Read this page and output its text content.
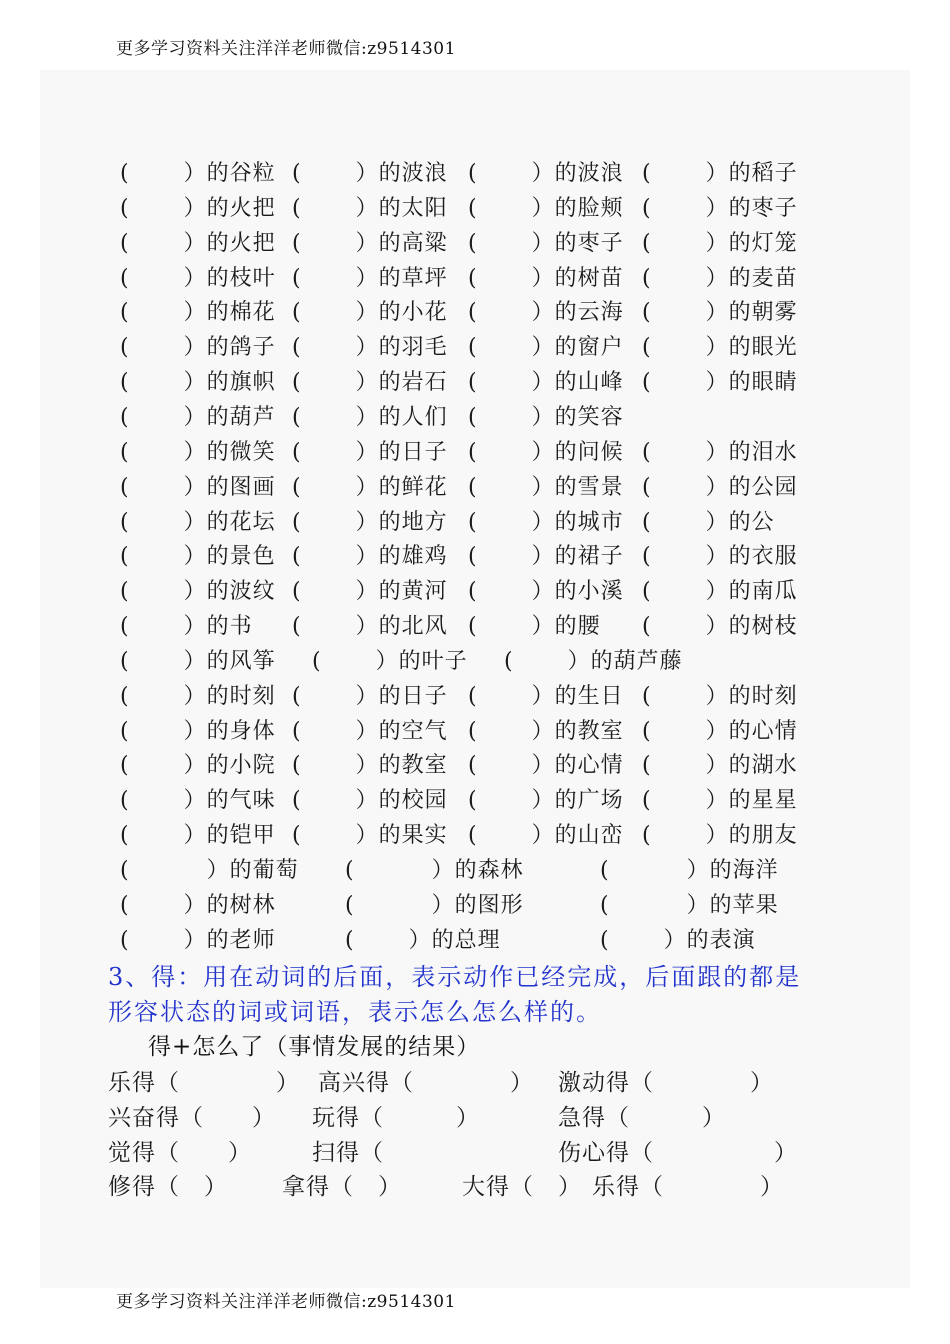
更多学习资料关注洋洋老师微信:z9514301
(　　 ）的谷粒 (　　 ）的波浪 (　　 ）的波浪 (　　 ）的稻子
(　　 ）的火把 (　　 ）的太阳 (　　 ）的脸颊 (　　 ）的枣子
(　　 ）的火把 (　　 ）的高粱 (　　 ）的枣子 (　　 ）的灯笼
(　　 ）的枝叶 (　　 ）的草坪 (　　 ）的树苗 (　　 ）的麦苗
(　　 ）的棉花 (　　 ）的小花 (　　 ）的云海 (　　 ）的朝雾
(　　 ）的鸽子 (　　 ）的羽毛 (　　 ）的窗户 (　　 ）的眼光
(　　 ）的旗帜 (　　 ）的岩石 (　　 ）的山峰 (　　 ）的眼睛
(　　 ）的葫芦 (　　 ）的人们 (　　 ）的笑容
(　　 ）的微笑 (　　 ）的日子 (　　 ）的问候 (　　 ）的泪水
(　　 ）的图画 (　　 ）的鲜花 (　　 ）的雪景 (　　 ）的公园
(　　 ）的花坛 (　　 ）的地方 (　　 ）的城市 (　　 ）的公
(　　 ）的景色 (　　 ）的雄鸡 (　　 ）的裙子 (　　 ）的衣服
(　　 ）的波纹 (　　 ）的黄河 (　　 ）的小溪 (　　 ）的南瓜
(　　 ）的书 (　　 ）的北风 (　　 ）的腰 (　　 ）的树枝
(　　 ）的风筝 (　　 ）的叶子 (　　 ）的葫芦藤
(　　 ）的时刻 (　　 ）的日子 (　　 ）的生日 (　　 ）的时刻
(　　 ）的身体 (　　 ）的空气 (　　 ）的教室 (　　 ）的心情
(　　 ）的小院 (　　 ）的教室 (　　 ）的心情 (　　 ）的湖水
(　　 ）的气味 (　　 ）的校园 (　　 ）的广场 (　　 ）的星星
(　　 ）的铠甲 (　　 ）的果实 (　　 ）的山峦 (　　 ）的朋友
(　　　 ）的葡萄 (　　　 ）的森林	(　　　 ）的海洋
(　　 ）的树林	(　　　 ）的图形	(　　　 ）的苹果
(　　 ）的老师	(　　 ）的总理	(　　 ）的表演
3、得：用在动词的后面，表示动作已经完成，后面跟的都是
形容状态的词或词语，表示怎么怎么样的。
得+怎么了（事情发展的结果）
乐得（　　　　） 高兴得（　　　　） 激动得（　　　　）
兴奋得（　　） 玩得（　　　）	急得（　　　）
觉得（　　）	扫得（　　　　	伤心得（　　　　　）
修得（　） 拿得（　）	大得（　） 乐得（　　　　）
更多学习资料关注洋洋老师微信:z9514301
